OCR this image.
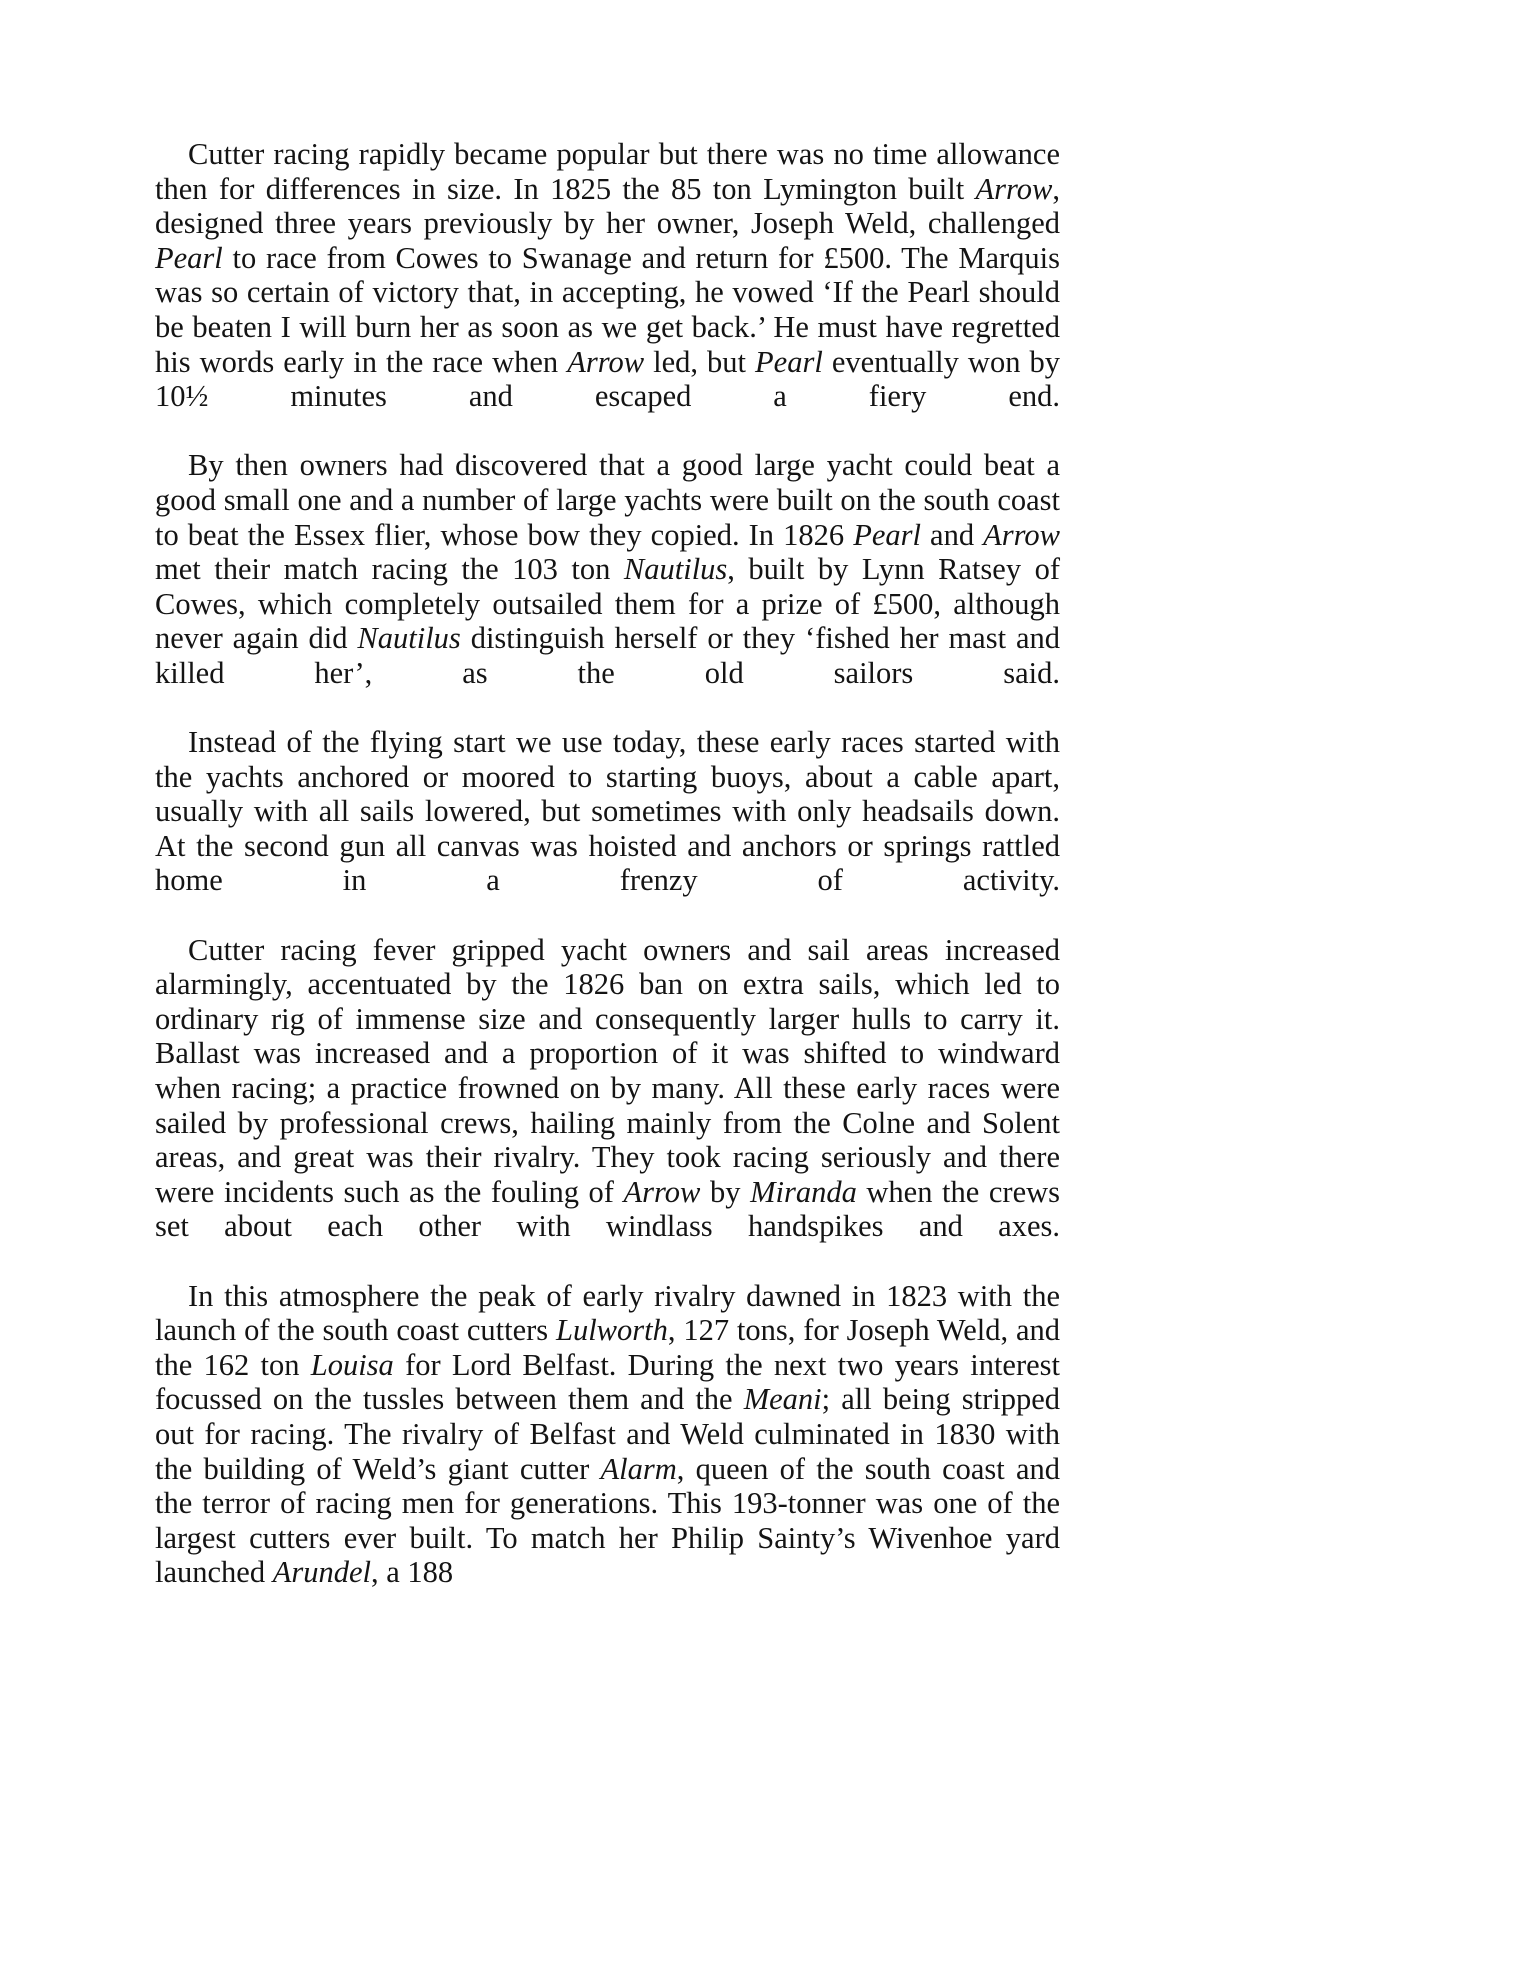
Cutter racing rapidly became popular but there was no time allowance then for differences in size. In 1825 the 85 ton Lymington built Arrow, designed three years previously by her owner, Joseph Weld, challenged Pearl to race from Cowes to Swanage and return for £500. The Marquis was so certain of victory that, in accepting, he vowed ‘If the Pearl should be beaten I will burn her as soon as we get back.’ He must have regretted his words early in the race when Arrow led, but Pearl eventually won by 10½ minutes and escaped a fiery end.

By then owners had discovered that a good large yacht could beat a good small one and a number of large yachts were built on the south coast to beat the Essex flier, whose bow they copied. In 1826 Pearl and Arrow met their match racing the 103 ton Nautilus, built by Lynn Ratsey of Cowes, which completely outsailed them for a prize of £500, although never again did Nautilus distinguish herself or they ‘fished her mast and killed her’, as the old sailors said.

Instead of the flying start we use today, these early races started with the yachts anchored or moored to starting buoys, about a cable apart, usually with all sails lowered, but sometimes with only headsails down. At the second gun all canvas was hoisted and anchors or springs rattled home in a frenzy of activity.

Cutter racing fever gripped yacht owners and sail areas increased alarmingly, accentuated by the 1826 ban on extra sails, which led to ordinary rig of immense size and consequently larger hulls to carry it. Ballast was increased and a proportion of it was shifted to windward when racing; a practice frowned on by many. All these early races were sailed by professional crews, hailing mainly from the Colne and Solent areas, and great was their rivalry. They took racing seriously and there were incidents such as the fouling of Arrow by Miranda when the crews set about each other with windlass handspikes and axes.

In this atmosphere the peak of early rivalry dawned in 1823 with the launch of the south coast cutters Lulworth, 127 tons, for Joseph Weld, and the 162 ton Louisa for Lord Belfast. During the next two years interest focussed on the tussles between them and the Meani; all being stripped out for racing. The rivalry of Belfast and Weld culminated in 1830 with the building of Weld’s giant cutter Alarm, queen of the south coast and the terror of racing men for generations. This 193-tonner was one of the largest cutters ever built. To match her Philip Sainty’s Wivenhoe yard launched Arundel, a 188
